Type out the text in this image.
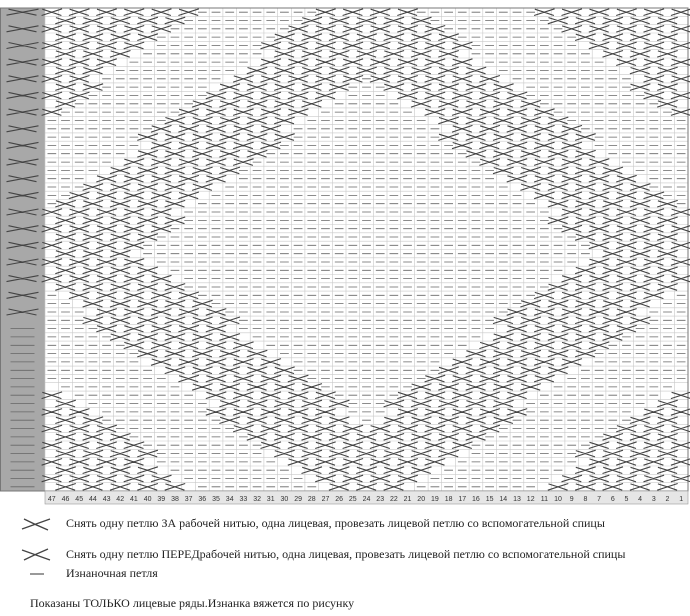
47 46 45 44 43 42 41 40 39 38 37 36 35 34 33 32 31 30 29 28 27 26 25 24 23 22 21 20 19 18 17 16 15 14 13 12 11 10 9 8 7 6 5 4 3 2 1
Снять одну петлю ЗА рабочей нитью, одна лицевая, провезать лицевой петлю со вспомогательной спицы
Снять одну петлю ПЕРЕДрабочей нитью, одна лицевая, провезать лицевой петлю со вспомогательной спицы
Изнаночная петля
Показаны ТОЛЬКО лицевые ряды.Изнанка вяжется по рисунку
